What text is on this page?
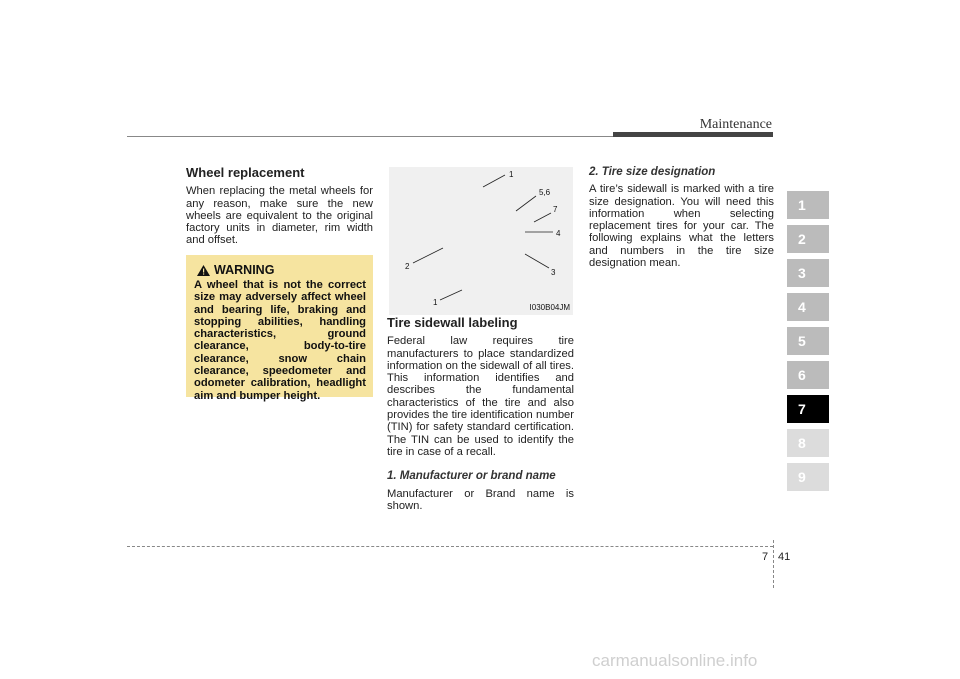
Maintenance
Wheel replacement

When replacing the metal wheels for any reason, make sure the new wheels are equivalent to the original factory units in diameter, rim width and offset.

WARNING
A wheel that is not the correct size may adversely affect wheel and bearing life, braking and stopping abilities, handling characteristics, ground clearance, body-to-tire clearance, snow chain clearance, speedometer and odometer calibration, headlight aim and bumper height.
1
5,6
7
4
3
2
1
I030B04JM
Tire sidewall labeling

Federal law requires tire manufacturers to place standardized information on the sidewall of all tires. This information identifies and describes the fundamental characteristics of the tire and also provides the tire identification number (TIN) for safety standard certification. The TIN can be used to identify the tire in case of a recall.

1. Manufacturer or brand name

Manufacturer or Brand name is shown.

2. Tire size designation

A tire’s sidewall is marked with a tire size designation. You will need this information when selecting replacement tires for your car. The following explains what the letters and numbers in the tire size designation mean.

1
2
3
4
5
6
7
8
9
7 41
carmanualsonline.info
